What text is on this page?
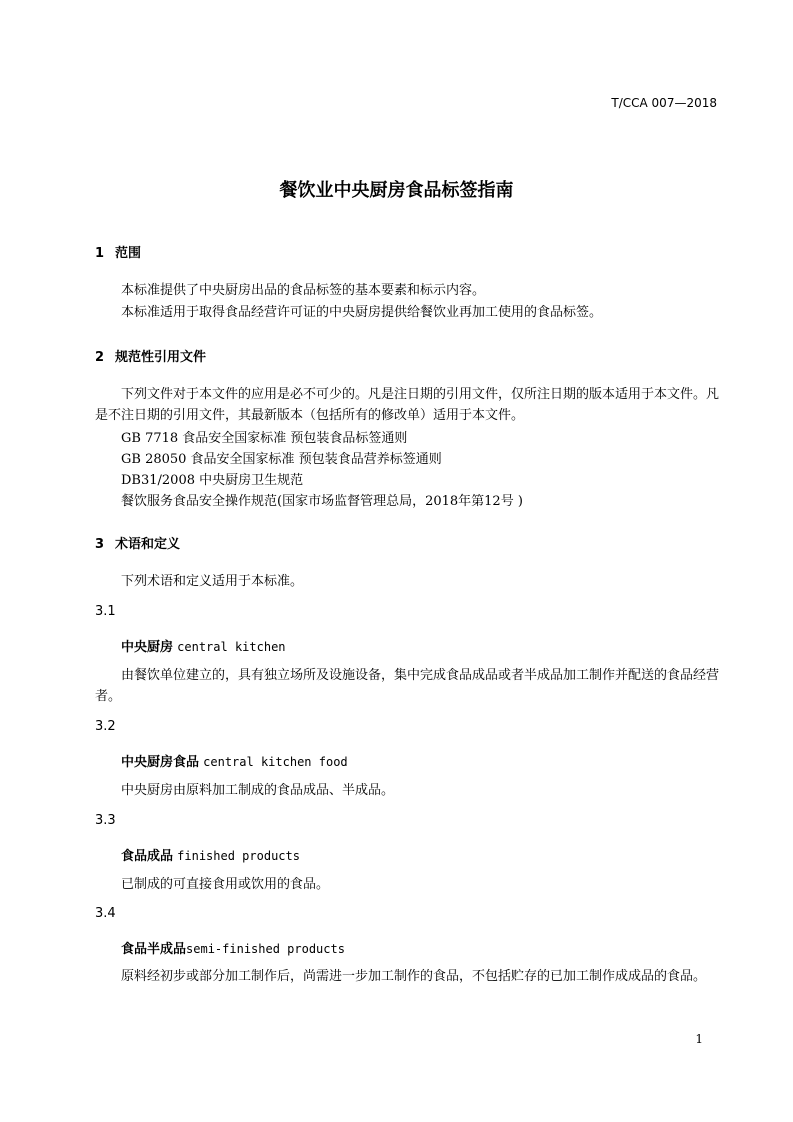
T/CCA 007—2018
餐饮业中央厨房食品标签指南
1 范围
本标准提供了中央厨房出品的食品标签的基本要素和标示内容。
本标准适用于取得食品经营许可证的中央厨房提供给餐饮业再加工使用的食品标签。
2 规范性引用文件
下列文件对于本文件的应用是必不可少的。凡是注日期的引用文件，仅所注日期的版本适用于本文件。凡是不注日期的引用文件，其最新版本（包括所有的修改单）适用于本文件。
GB 7718 食品安全国家标准 预包装食品标签通则
GB 28050 食品安全国家标准 预包装食品营养标签通则
DB31/2008 中央厨房卫生规范
餐饮服务食品安全操作规范(国家市场监督管理总局，2018年第12号 )
3 术语和定义
下列术语和定义适用于本标准。
3.1
中央厨房 central kitchen
由餐饮单位建立的，具有独立场所及设施设备，集中完成食品成品或者半成品加工制作并配送的食品经营者。
3.2
中央厨房食品 central kitchen food
中央厨房由原料加工制成的食品成品、半成品。
3.3
食品成品 finished products
已制成的可直接食用或饮用的食品。
3.4
食品半成品semi-finished products
原料经初步或部分加工制作后，尚需进一步加工制作的食品，不包括贮存的已加工制作成成品的食品。
1
